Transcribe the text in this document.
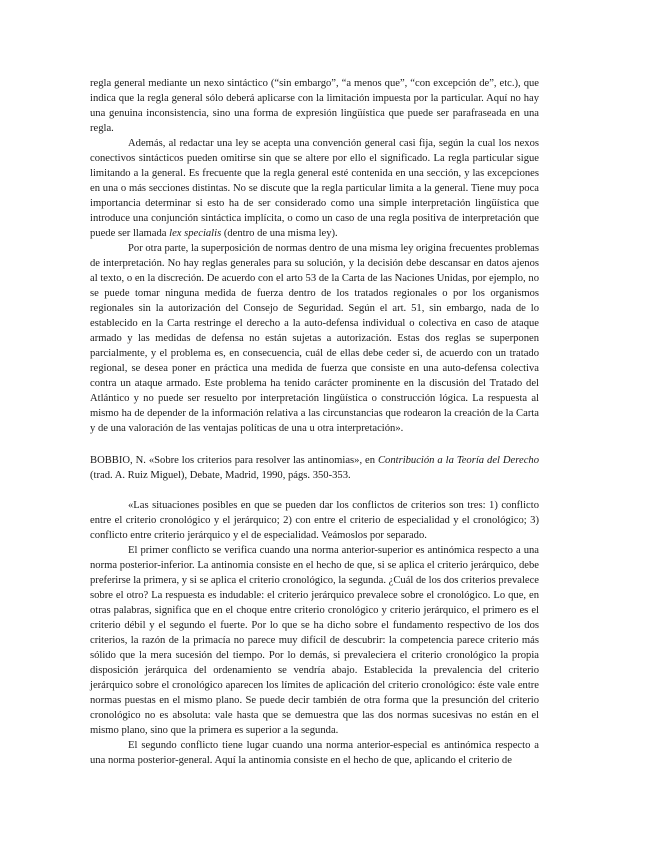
regla general mediante un nexo sintáctico (“sin embargo”, “a menos que”, “con excepción de”, etc.), que indica que la regla general sólo deberá aplicarse con la limitación impuesta por la particular. Aquí no hay una genuina inconsistencia, sino una forma de expresión lingüística que puede ser parafraseada en una regla.

Además, al redactar una ley se acepta una convención general casi fija, según la cual los nexos conectivos sintácticos pueden omitirse sin que se altere por ello el significado. La regla particular sigue limitando a la general. Es frecuente que la regla general esté contenida en una sección, y las excepciones en una o más secciones distintas. No se discute que la regla particular limita a la general. Tiene muy poca importancia determinar si esto ha de ser considerado como una simple interpretación lingüística que introduce una conjunción sintáctica implícita, o como un caso de una regla positiva de interpretación que puede ser llamada lex specialis (dentro de una misma ley).

Por otra parte, la superposición de normas dentro de una misma ley origina frecuentes problemas de interpretación. No hay reglas generales para su solución, y la decisión debe descansar en datos ajenos al texto, o en la discreción. De acuerdo con el arto 53 de la Carta de las Naciones Unidas, por ejemplo, no se puede tomar ninguna medida de fuerza dentro de los tratados regionales o por los organismos regionales sin la autorización del Consejo de Seguridad. Según el art. 51, sin embargo, nada de lo establecido en la Carta restringe el derecho a la auto-defensa individual o colectiva en caso de ataque armado y las medidas de defensa no están sujetas a autorización. Estas dos reglas se superponen parcialmente, y el problema es, en consecuencia, cuál de ellas debe ceder si, de acuerdo con un tratado regional, se desea poner en práctica una medida de fuerza que consiste en una auto-defensa colectiva contra un ataque armado. Este problema ha tenido carácter prominente en la discusión del Tratado del Atlántico y no puede ser resuelto por interpretación lingüística o construcción lógica. La respuesta al mismo ha de depender de la información relativa a las circunstancias que rodearon la creación de la Carta y de una valoración de las ventajas políticas de una u otra interpretación».

BOBBIO, N. «Sobre los criterios para resolver las antinomias», en Contribución a la Teoría del Derecho (trad. A. Ruiz Miguel), Debate, Madrid, 1990, págs. 350-353.

«Las situaciones posibles en que se pueden dar los conflictos de criterios son tres: 1) conflicto entre el criterio cronológico y el jerárquico; 2) con entre el criterio de especialidad y el cronológico; 3) conflicto entre criterio jerárquico y el de especialidad. Veámoslos por separado.

El primer conflicto se verifica cuando una norma anterior-superior es antinómica respecto a una norma posterior-inferior. La antinomia consiste en el hecho de que, si se aplica el criterio jerárquico, debe preferirse la primera, y si se aplica el criterio cronológico, la segunda. ¿Cuál de los dos criterios prevalece sobre el otro? La respuesta es indudable: el criterio jerárquico prevalece sobre el cronológico. Lo que, en otras palabras, significa que en el choque entre criterio cronológico y criterio jerárquico, el primero es el criterio débil y el segundo el fuerte. Por lo que se ha dicho sobre el fundamento respectivo de los dos criterios, la razón de la primacía no parece muy difícil de descubrir: la competencia parece criterio más sólido que la mera sucesión del tiempo. Por lo demás, si prevaleciera el criterio cronológico la propia disposición jerárquica del ordenamiento se vendría abajo. Establecida la prevalencia del criterio jerárquico sobre el cronológico aparecen los límites de aplicación del criterio cronológico: éste vale entre normas puestas en el mismo plano. Se puede decir también de otra forma que la presunción del criterio cronológico no es absoluta: vale hasta que se demuestra que las dos normas sucesivas no están en el mismo plano, sino que la primera es superior a la segunda.

El segundo conflicto tiene lugar cuando una norma anterior-especial es antinómica respecto a una norma posterior-general. Aquí la antinomia consiste en el hecho de que, aplicando el criterio de
